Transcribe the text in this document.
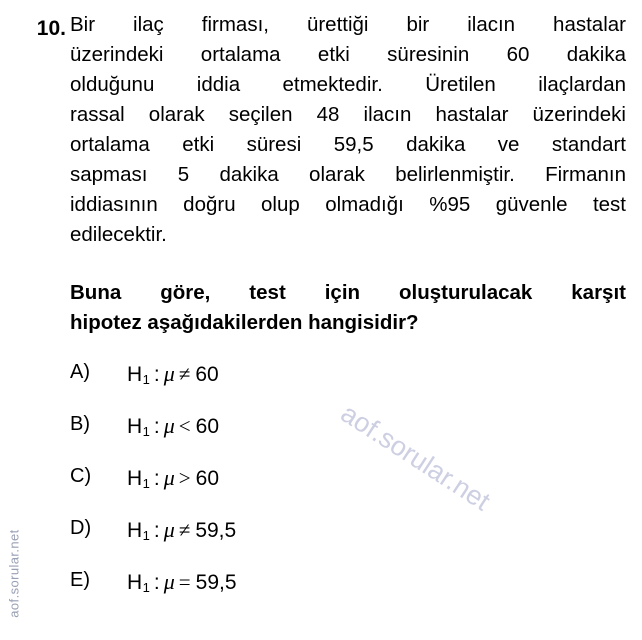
aof.sorular.net
aof.sorular.net
10. Bir ilaç firması, ürettiği bir ilacın hastalar

üzerindeki ortalama etki süresinin 60 dakika

olduğunu iddia etmektedir. Üretilen ilaçlardan

rassal olarak seçilen 48 ilacın hastalar üzerindeki

ortalama etki süresi 59,5 dakika ve standart

sapması 5 dakika olarak belirlenmiştir. Firmanın

iddiasının doğru olup olmadığı %95 güvenle test

edilecektir.

Buna göre, test için oluşturulacak karşıt
hipotez aşağıdakilerden hangisidir?
A) $H_1$ : μ ≠ 60
B) $H_1$ : μ < 60
C) $H_1$ : μ > 60
D) $H_1$ : μ ≠ 59,5
E) $H_1$ : μ = 59,5
